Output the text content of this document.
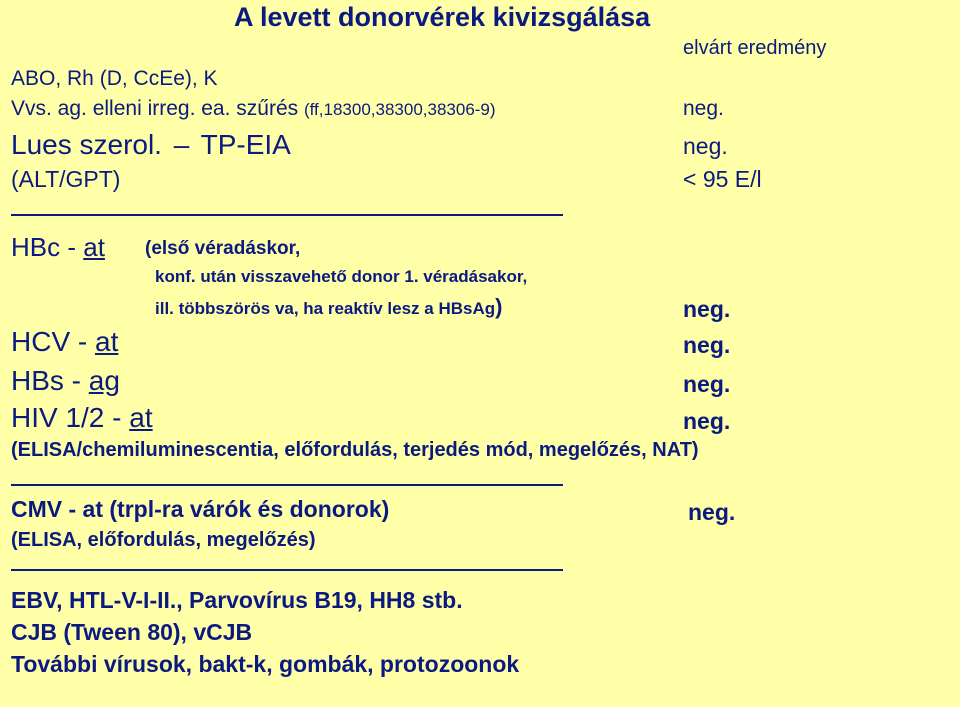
A levett donorvérek kivizsgálása
elvárt eredmény
ABO, Rh (D, CcEe), K
Vvs. ag. elleni irreg. ea. szűrés (ff,18300,38300,38306-9)	neg.
Lues szerol. – TP-EIA	neg.
(ALT/GPT)	< 95 E/l
HBc - at (első véradáskor,
konf. után visszavehető donor 1. véradásakor,
ill. többszörös va, ha reaktív lesz a HBsAg)	neg.
HCV - at	neg.
HBs - ag	neg.
HIV 1/2 - at	neg.
(ELISA/chemiluminescentia, előfordulás, terjedés mód, megelőzés, NAT)
CMV - at (trpl-ra várók és donorok)	neg.
(ELISA, előfordulás, megelőzés)
EBV, HTL-V-I-II., Parvovírus B19, HH8 stb.
CJB (Tween 80), vCJB
További vírusok, bakt-k, gombák, protozoonok
